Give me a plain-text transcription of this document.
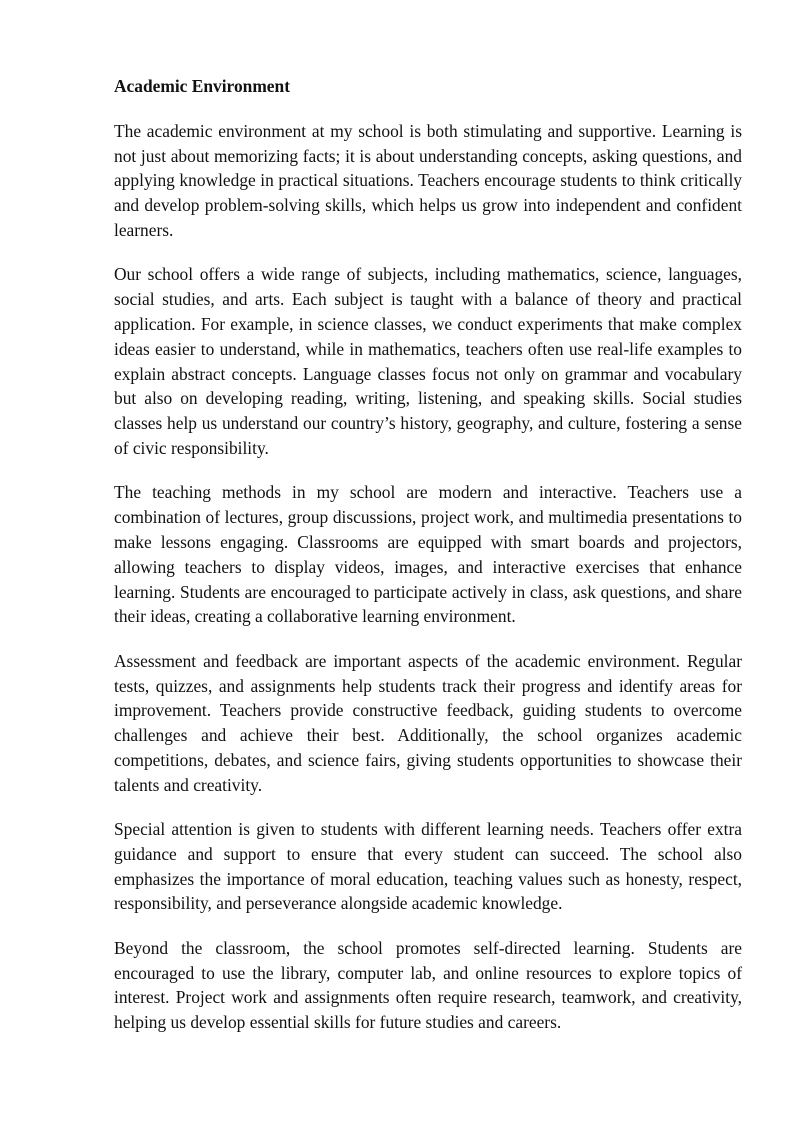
Academic Environment

The academic environment at my school is both stimulating and supportive. Learning is not just about memorizing facts; it is about understanding concepts, asking questions, and applying knowledge in practical situations. Teachers encourage students to think critically and develop problem-solving skills, which helps us grow into independent and confident learners.

Our school offers a wide range of subjects, including mathematics, science, languages, social studies, and arts. Each subject is taught with a balance of theory and practical application. For example, in science classes, we conduct experiments that make complex ideas easier to understand, while in mathematics, teachers often use real-life examples to explain abstract concepts. Language classes focus not only on grammar and vocabulary but also on developing reading, writing, listening, and speaking skills. Social studies classes help us understand our country’s history, geography, and culture, fostering a sense of civic responsibility.

The teaching methods in my school are modern and interactive. Teachers use a combination of lectures, group discussions, project work, and multimedia presentations to make lessons engaging. Classrooms are equipped with smart boards and projectors, allowing teachers to display videos, images, and interactive exercises that enhance learning. Students are encouraged to participate actively in class, ask questions, and share their ideas, creating a collaborative learning environment.

Assessment and feedback are important aspects of the academic environment. Regular tests, quizzes, and assignments help students track their progress and identify areas for improvement. Teachers provide constructive feedback, guiding students to overcome challenges and achieve their best. Additionally, the school organizes academic competitions, debates, and science fairs, giving students opportunities to showcase their talents and creativity.

Special attention is given to students with different learning needs. Teachers offer extra guidance and support to ensure that every student can succeed. The school also emphasizes the importance of moral education, teaching values such as honesty, respect, responsibility, and perseverance alongside academic knowledge.

Beyond the classroom, the school promotes self-directed learning. Students are encouraged to use the library, computer lab, and online resources to explore topics of interest. Project work and assignments often require research, teamwork, and creativity, helping us develop essential skills for future studies and careers.
